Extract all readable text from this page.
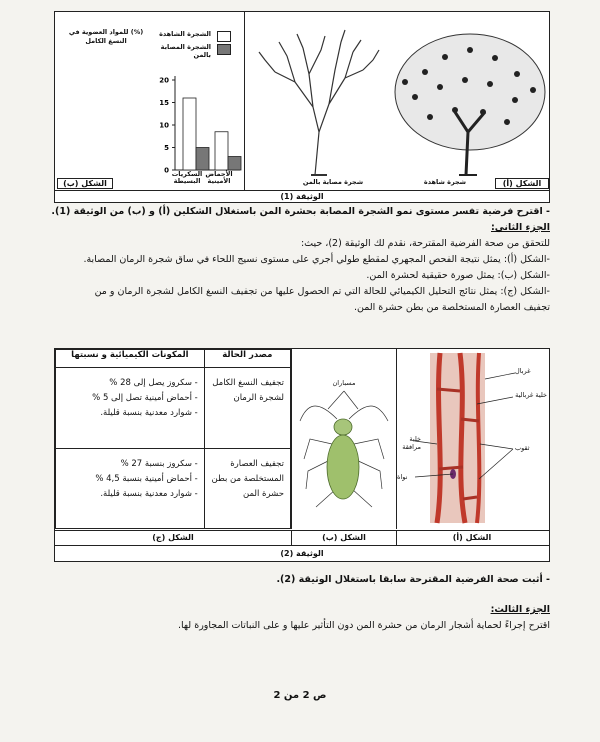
شجرة مصابة بالمن	شجرة شاهدة	الشكل (أ)
(%) للمواد العضوية في النسغ الكامل
الشجرة الشاهدة
الشجرة المصابة بالمن
0
5
10
15
20
الشكل (ب)
السكريات البسيطة
الأحماض الأمينية
الوثيقة (1)
- اقترح فرضية تفسر مستوى نمو الشجرة المصابة بحشرة المن باستغلال الشكلين (أ) و (ب) من الوثيقة (1).
الجزء الثاني:
للتحقق من صحة الفرضية المقترحة، نقدم لك الوثيقة (2)، حيث:
-الشكل (أ): يمثل نتيجة الفحص المجهري لمقطع طولي أجري على مستوى نسيج اللحاء في ساق شجرة الرمان المصابة.
-الشكل (ب): يمثل صورة حقيقية لحشرة المن.
-الشكل (ج): يمثل نتائج التحليل الكيميائي للحالة التي تم الحصول عليها من تجفيف النسغ الكامل لشجرة الرمان و من
تجفيف العصارة المستخلصة من بطن حشرة المن.
غربال
خلية غربالية
خلية مرافقة
نواة
ثقوب
مسباران
المكونات الكيميائية و نسبتها	مصدر الحالة

- سكروز يصل إلى 28 %
- أحماض أمينية تصل إلى 5 %
- شوارد معدنية بنسبة قليلة.	تجفيف النسغ الكامل لشجرة الرمان

- سكروز بنسبة 27 %
- أحماض أمينية بنسبة 4,5 %
- شوارد معدنية بنسبة قليلة.	تجفيف العصارة المستخلصة من بطن حشرة المن
الشكل (أ)
الشكل (ب)
الشكل (ج)
الوثيقة (2)
- أثبت صحة الفرضية المقترحة سابقا باستغلال الوثيقة (2).
الجزء الثالث:
اقترح إجراءً لحماية أشجار الرمان من حشرة المن دون التأثير عليها و على النباتات المجاورة لها.
ص 2 من 2
